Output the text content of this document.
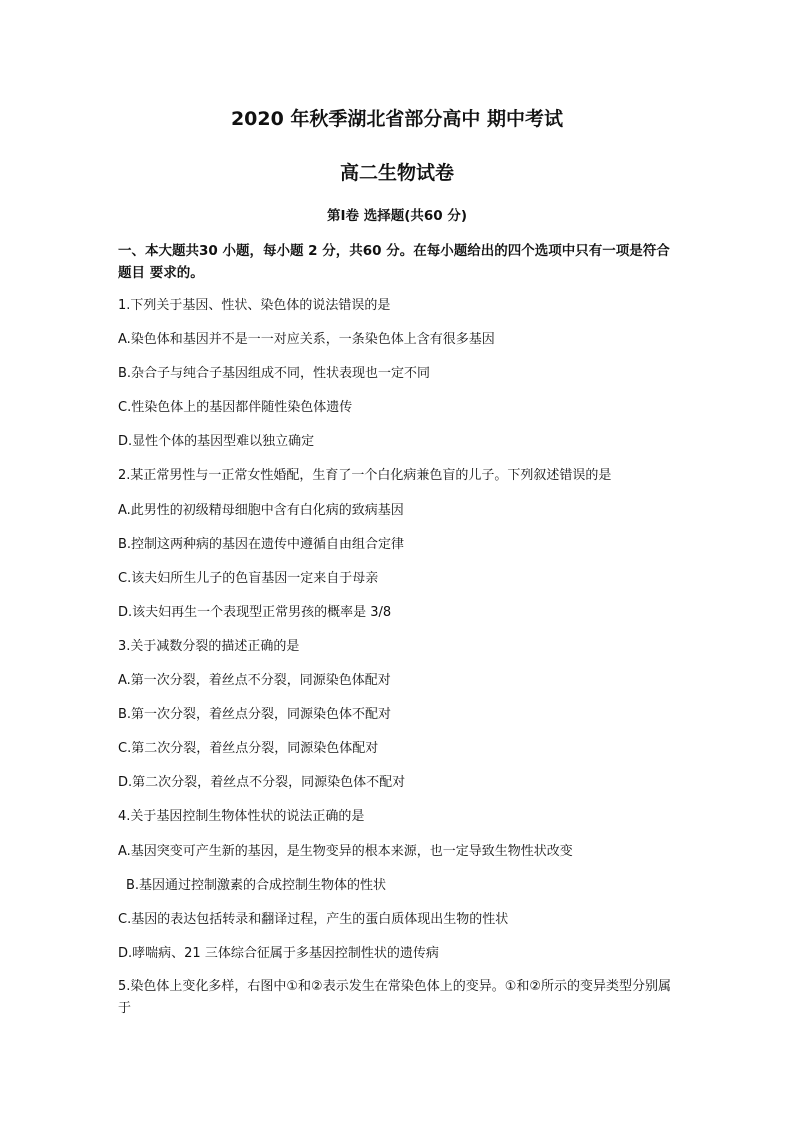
2020 年秋季湖北省部分高中 期中考试
高二生物试卷
第Ⅰ卷 选择题(共60 分)
一、本大题共30 小题，每小题 2 分，共60 分。在每小题给出的四个选项中只有一项是符合题目 要求的。
1.下列关于基因、性状、染色体的说法错误的是
A.染色体和基因并不是一一对应关系，一条染色体上含有很多基因
B.杂合子与纯合子基因组成不同，性状表现也一定不同
C.性染色体上的基因都伴随性染色体遗传
D.显性个体的基因型难以独立确定
2.某正常男性与一正常女性婚配，生育了一个白化病兼色盲的儿子。下列叙述错误的是
A.此男性的初级精母细胞中含有白化病的致病基因
B.控制这两种病的基因在遗传中遵循自由组合定律
C.该夫妇所生儿子的色盲基因一定来自于母亲
D.该夫妇再生一个表现型正常男孩的概率是 3/8
3.关于减数分裂的描述正确的是
A.第一次分裂，着丝点不分裂，同源染色体配对
B.第一次分裂，着丝点分裂，同源染色体不配对
C.第二次分裂，着丝点分裂，同源染色体配对
D.第二次分裂，着丝点不分裂，同源染色体不配对
4.关于基因控制生物体性状的说法正确的是
A.基因突变可产生新的基因，是生物变异的根本来源，也一定导致生物性状改变
B.基因通过控制激素的合成控制生物体的性状
C.基因的表达包括转录和翻译过程，产生的蛋白质体现出生物的性状
D.哮喘病、21 三体综合征属于多基因控制性状的遗传病
5.染色体上变化多样，右图中①和②表示发生在常染色体上的变异。①和②所示的变异类型分别属于
